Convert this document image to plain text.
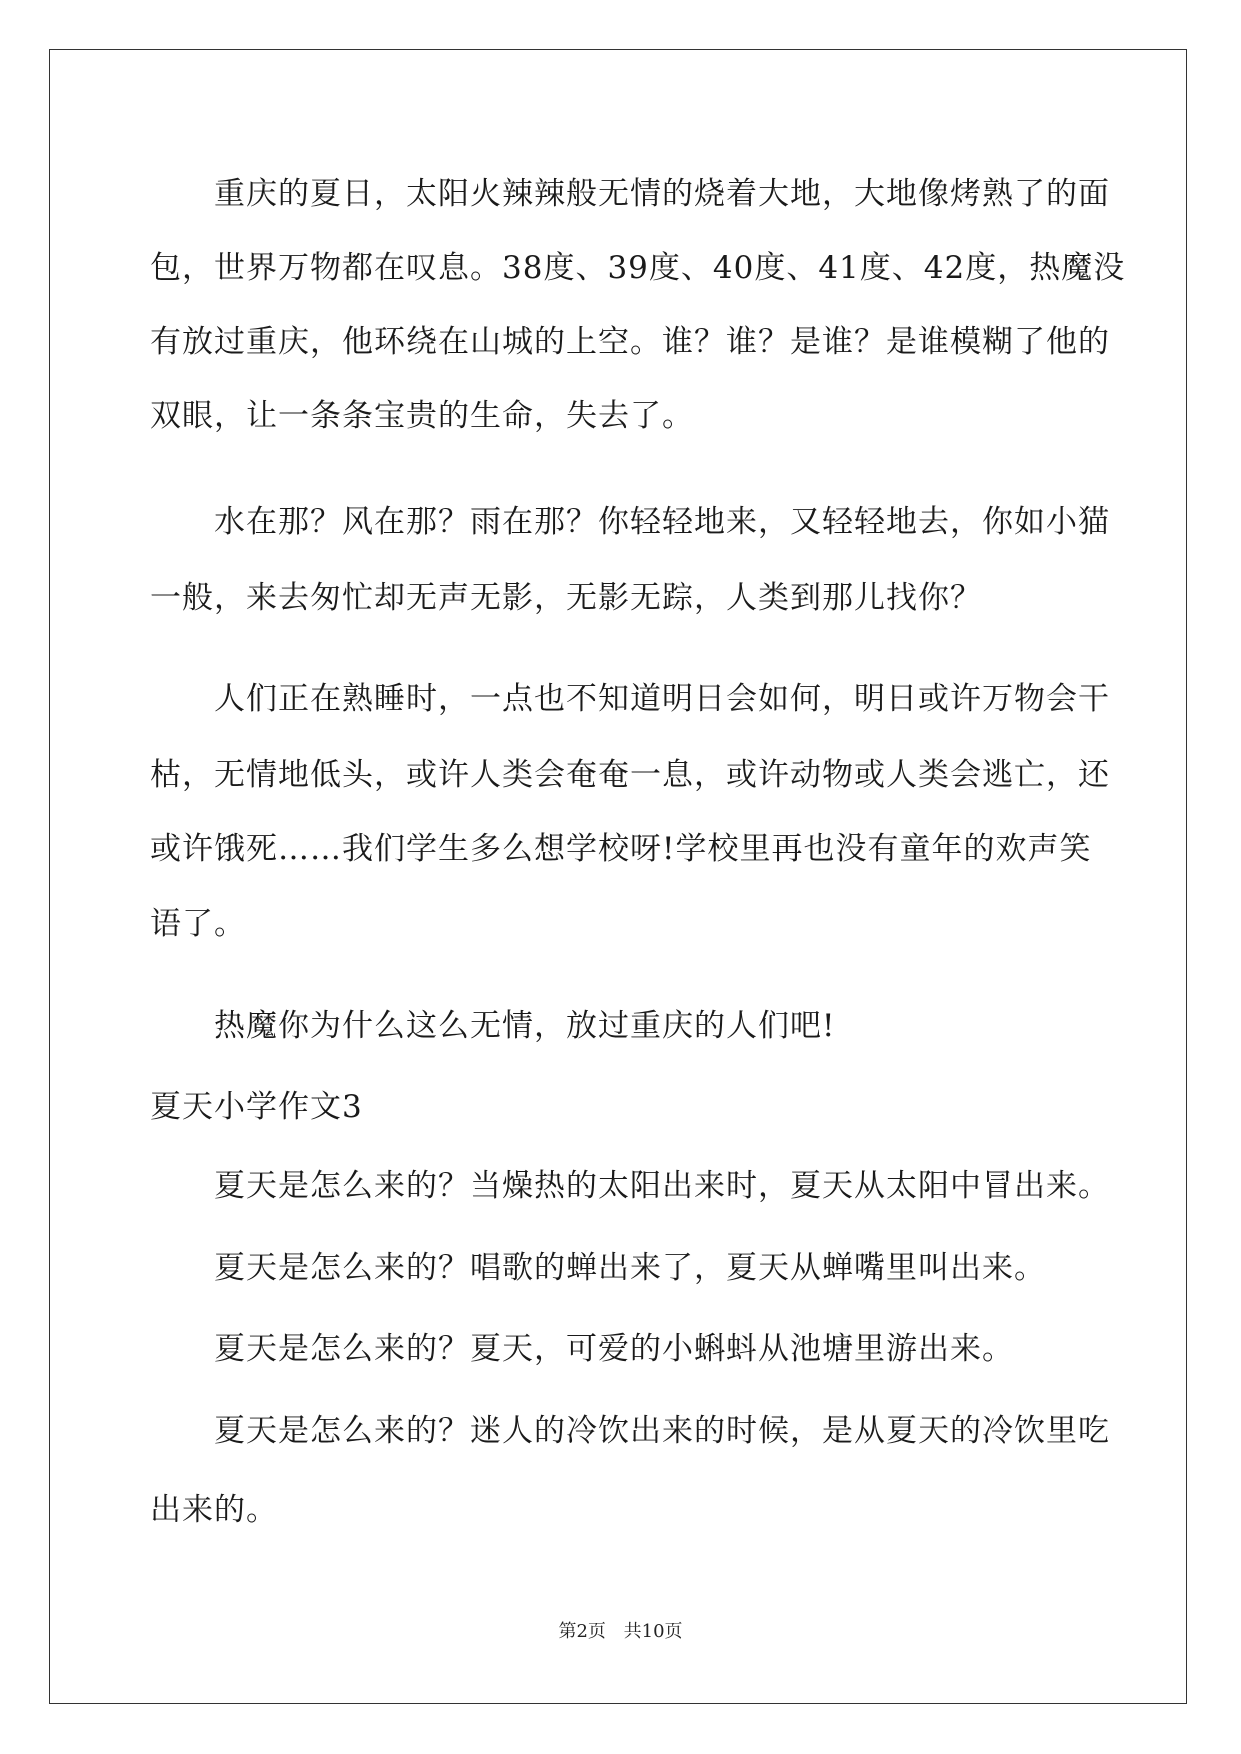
　　重庆的夏日，太阳火辣辣般无情的烧着大地，大地像烤熟了的面
包，世界万物都在叹息。38度、39度、40度、41度、42度，热魔没
有放过重庆，他环绕在山城的上空。谁？谁？是谁？是谁模糊了他的
双眼，让一条条宝贵的生命，失去了。
　　水在那？风在那？雨在那？你轻轻地来，又轻轻地去，你如小猫
一般，来去匆忙却无声无影，无影无踪，人类到那儿找你？
　　人们正在熟睡时，一点也不知道明日会如何，明日或许万物会干
枯，无情地低头，或许人类会奄奄一息，或许动物或人类会逃亡，还
或许饿死……我们学生多么想学校呀!学校里再也没有童年的欢声笑
语了。
　　热魔你为什么这么无情，放过重庆的人们吧!
夏天小学作文3
　　夏天是怎么来的？当燥热的太阳出来时，夏天从太阳中冒出来。
　　夏天是怎么来的？唱歌的蝉出来了，夏天从蝉嘴里叫出来。
　　夏天是怎么来的？夏天，可爱的小蝌蚪从池塘里游出来。
　　夏天是怎么来的？迷人的冷饮出来的时候，是从夏天的冷饮里吃
出来的。
第2页 共10页
